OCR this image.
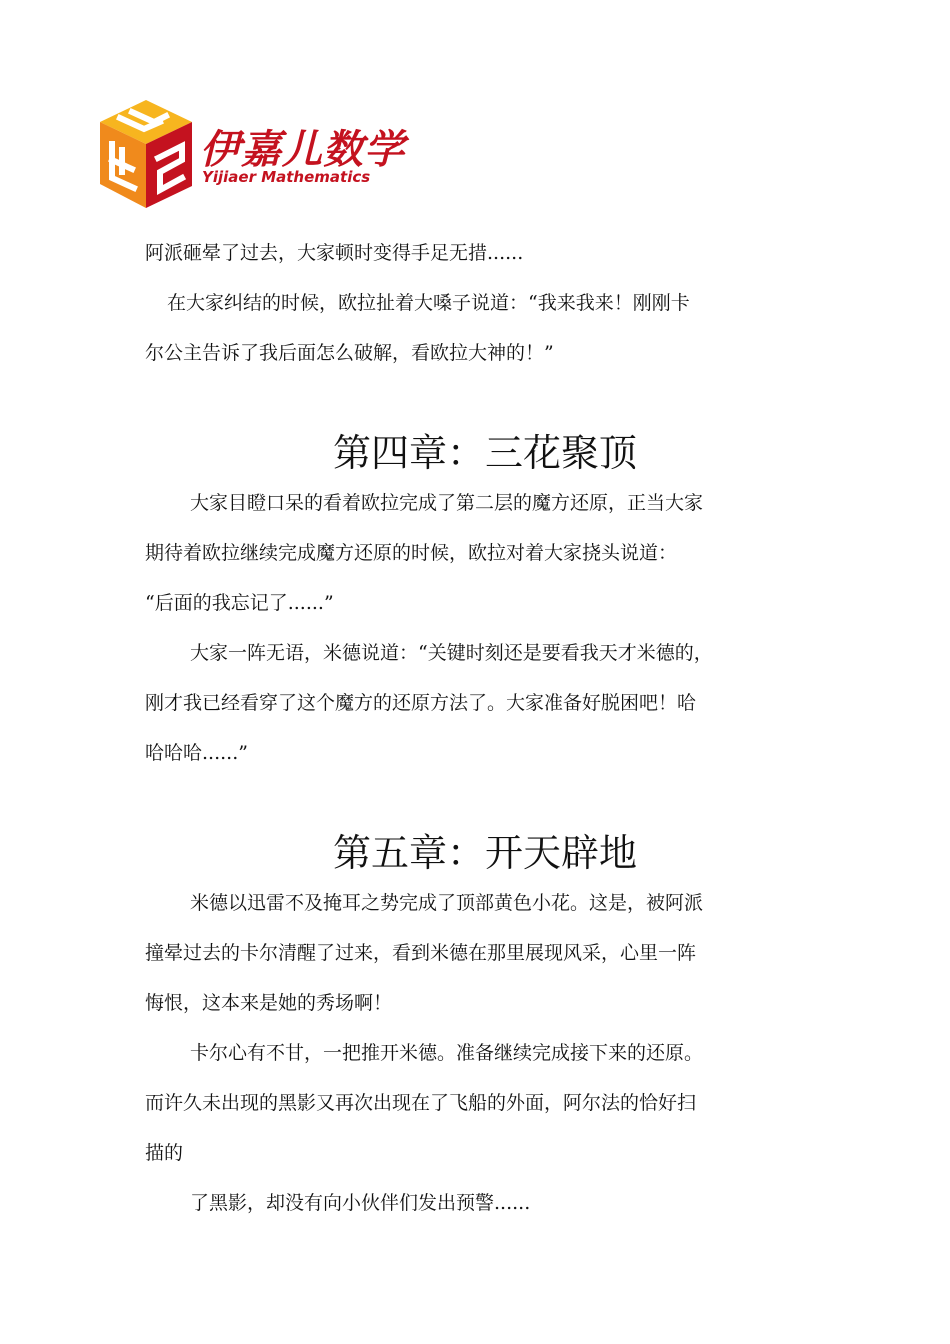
伊嘉儿数学
Yijiaer Mathematics

阿派砸晕了过去，大家顿时变得手足无措......

在大家纠结的时候，欧拉扯着大嗓子说道：“我来我来！刚刚卡

尔公主告诉了我后面怎么破解，看欧拉大神的！”

第四章：三花聚顶

大家目瞪口呆的看着欧拉完成了第二层的魔方还原，正当大家

期待着欧拉继续完成魔方还原的时候，欧拉对着大家挠头说道：

“后面的我忘记了......”

大家一阵无语，米德说道：“关键时刻还是要看我天才米德的，

刚才我已经看穿了这个魔方的还原方法了。大家准备好脱困吧！哈

哈哈哈......”

第五章：开天辟地

米德以迅雷不及掩耳之势完成了顶部黄色小花。这是，被阿派

撞晕过去的卡尔清醒了过来，看到米德在那里展现风采，心里一阵

悔恨，这本来是她的秀场啊！

卡尔心有不甘，一把推开米德。准备继续完成接下来的还原。

而许久未出现的黑影又再次出现在了飞船的外面，阿尔法的恰好扫

描的

了黑影，却没有向小伙伴们发出预警......
